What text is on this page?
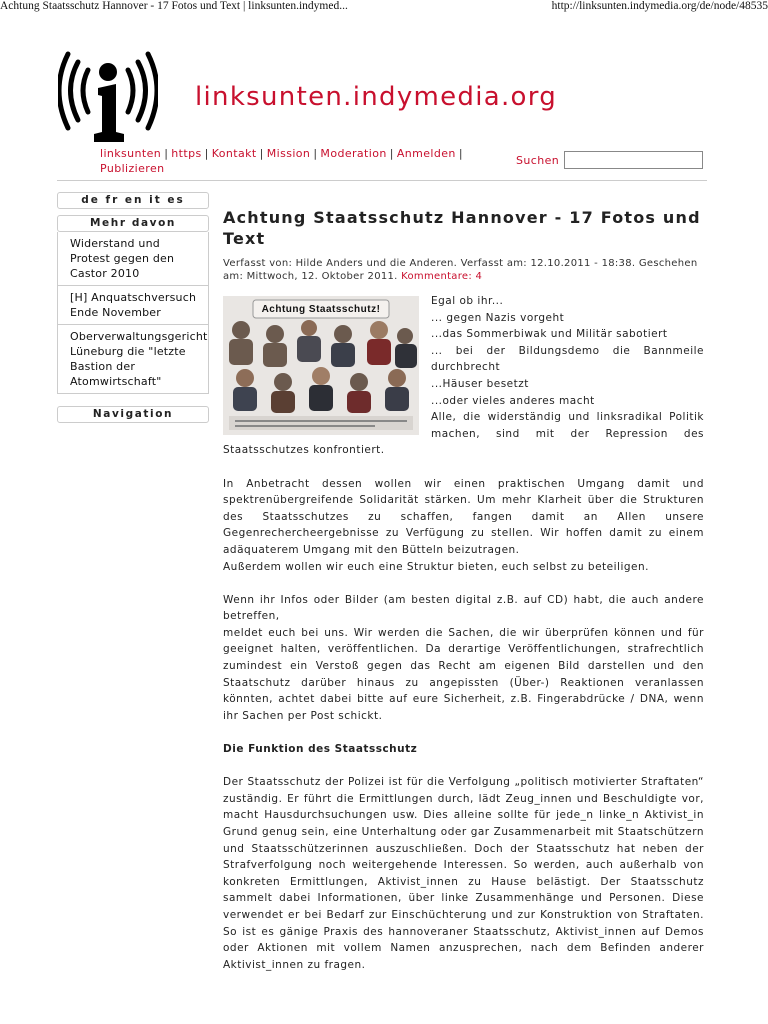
Achtung Staatsschutz Hannover - 17 Fotos und Text | linksunten.indymed...	http://linksunten.indymedia.org/de/node/48535
linksunten.indymedia.org
linksunten | https | Kontakt | Mission | Moderation | Anmelden |
Publizieren
Suchen
de fr en it es
Mehr davon
Widerstand und Protest gegen den Castor 2010
[H] Anquatschversuch Ende November
Oberverwaltungsgericht Lüneburg die "letzte Bastion der Atomwirtschaft"
Navigation
Achtung Staatsschutz Hannover - 17 Fotos und Text
Verfasst von: Hilde Anders und die Anderen. Verfasst am: 12.10.2011 - 18:38. Geschehen am: Mittwoch, 12. Oktober 2011. Kommentare: 4
Achtung Staatsschutz!

Egal ob ihr...

... gegen Nazis vorgeht

...das Sommerbiwak und Militär sabotiert

... bei der Bildungsdemo die Bannmeile durchbrecht

...Häuser besetzt

...oder vieles anderes macht

Alle, die widerständig und linksradikal Politik machen, sind mit der Repression des Staatsschutzes konfrontiert.

In Anbetracht dessen wollen wir einen praktischen Umgang damit und spektrenübergreifende Solidarität stärken. Um mehr Klarheit über die Strukturen des Staatsschutzes zu schaffen, fangen damit an Allen unsere Gegenrechercheergebnisse zu Verfügung zu stellen. Wir hoffen damit zu einem adäquaterem Umgang mit den Bütteln beizutragen.

Außerdem wollen wir euch eine Struktur bieten, euch selbst zu beteiligen.

Wenn ihr Infos oder Bilder (am besten digital z.B. auf CD) habt, die auch andere betreffen,

meldet euch bei uns. Wir werden die Sachen, die wir überprüfen können und für geeignet halten, veröffentlichen. Da derartige Veröffentlichungen, strafrechtlich zumindest ein Verstoß gegen das Recht am eigenen Bild darstellen und den Staatschutz darüber hinaus zu angepissten (Über-) Reaktionen veranlassen könnten, achtet dabei bitte auf eure Sicherheit, z.B. Fingerabdrücke / DNA, wenn ihr Sachen per Post schickt.

Die Funktion des Staatsschutz

Der Staatsschutz der Polizei ist für die Verfolgung „politisch motivierter Straftaten“ zuständig. Er führt die Ermittlungen durch, lädt Zeug_innen und Beschuldigte vor, macht Hausdurchsuchungen usw. Dies alleine sollte für jede_n linke_n Aktivist_in Grund genug sein, eine Unterhaltung oder gar Zusammenarbeit mit Staatschützern und Staatsschützerinnen auszuschließen. Doch der Staatsschutz hat neben der Strafverfolgung noch weitergehende Interessen. So werden, auch außerhalb von konkreten Ermittlungen, Aktivist_innen zu Hause belästigt. Der Staatsschutz sammelt dabei Informationen, über linke Zusammenhänge und Personen. Diese verwendet er bei Bedarf zur Einschüchterung und zur Konstruktion von Straftaten. So ist es gänige Praxis des hannoveraner Staatsschutz, Aktivist_innen auf Demos oder Aktionen mit vollem Namen anzusprechen, nach dem Befinden anderer Aktivist_innen zu fragen.
